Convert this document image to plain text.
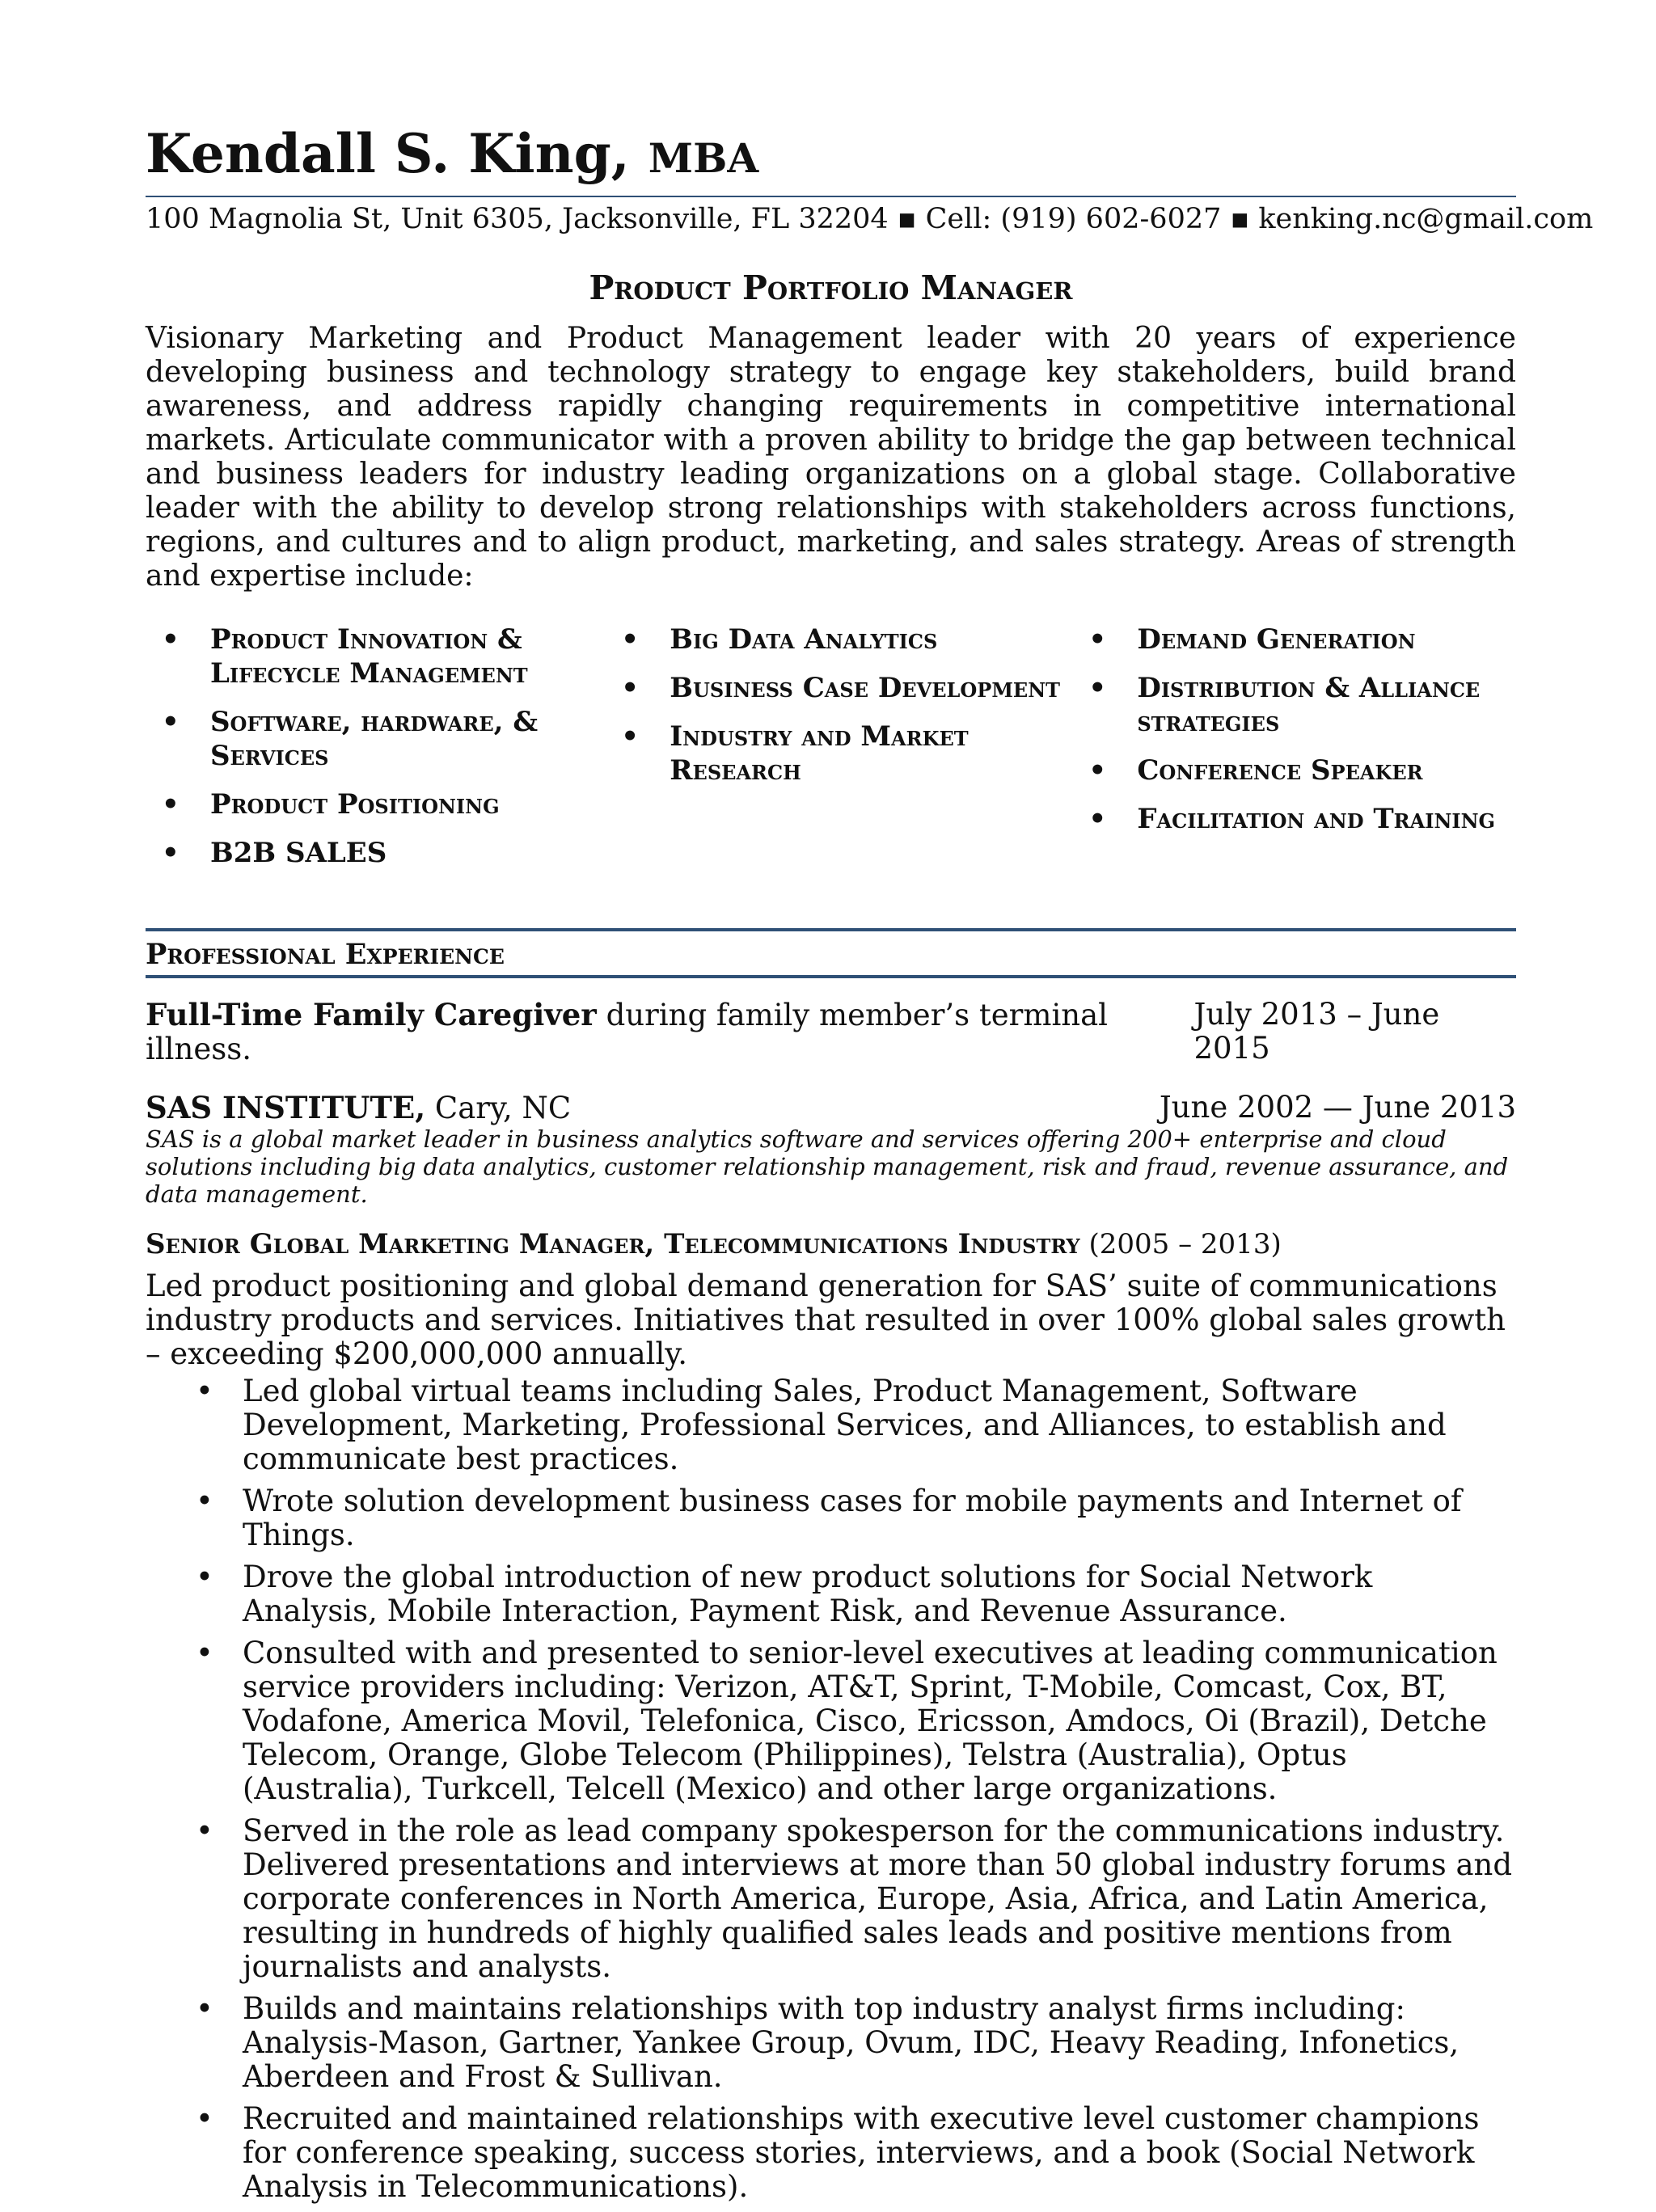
Kendall S. King, MBA
100 Magnolia St, Unit 6305, Jacksonville, FL 32204 ▪ Cell: (919) 602-6027 ▪ kenking.nc@gmail.com
Product Portfolio Manager
Visionary Marketing and Product Management leader with 20 years of experience developing business and technology strategy to engage key stakeholders, build brand awareness, and address rapidly changing requirements in competitive international markets. Articulate communicator with a proven ability to bridge the gap between technical and business leaders for industry leading organizations on a global stage. Collaborative leader with the ability to develop strong relationships with stakeholders across functions, regions, and cultures and to align product, marketing, and sales strategy. Areas of strength and expertise include:
• Product Innovation & Lifecycle Management
• Software, hardware, & Services
• Product Positioning
• B2B SALES
• Big Data Analytics
• Business Case Development
• Industry and Market Research
• Demand Generation
• Distribution & Alliance strategies
• Conference Speaker
• Facilitation and Training
Professional Experience
Full-Time Family Caregiver during family member’s terminal illness.
July 2013 – June 2015
SAS INSTITUTE, Cary, NC	June 2002 — June 2013
SAS is a global market leader in business analytics software and services offering 200+ enterprise and cloud solutions including big data analytics, customer relationship management, risk and fraud, revenue assurance, and data management.
Senior Global Marketing Manager, Telecommunications Industry (2005 – 2013)
Led product positioning and global demand generation for SAS’ suite of communications industry products and services. Initiatives that resulted in over 100% global sales growth – exceeding $200,000,000 annually.
• Led global virtual teams including Sales, Product Management, Software Development, Marketing, Professional Services, and Alliances, to establish and communicate best practices.
• Wrote solution development business cases for mobile payments and Internet of Things.
• Drove the global introduction of new product solutions for Social Network Analysis, Mobile Interaction, Payment Risk, and Revenue Assurance.
• Consulted with and presented to senior-level executives at leading communication service providers including: Verizon, AT&T, Sprint, T-Mobile, Comcast, Cox, BT, Vodafone, America Movil, Telefonica, Cisco, Ericsson, Amdocs, Oi (Brazil), Detche Telecom, Orange, Globe Telecom (Philippines), Telstra (Australia), Optus (Australia), Turkcell, Telcell (Mexico) and other large organizations.
• Served in the role as lead company spokesperson for the communications industry. Delivered presentations and interviews at more than 50 global industry forums and corporate conferences in North America, Europe, Asia, Africa, and Latin America, resulting in hundreds of highly qualified sales leads and positive mentions from journalists and analysts.
• Builds and maintains relationships with top industry analyst firms including: Analysis-Mason, Gartner, Yankee Group, Ovum, IDC, Heavy Reading, Infonetics, Aberdeen and Frost & Sullivan.
• Recruited and maintained relationships with executive level customer champions for conference speaking, success stories, interviews, and a book (Social Network Analysis in Telecommunications).
